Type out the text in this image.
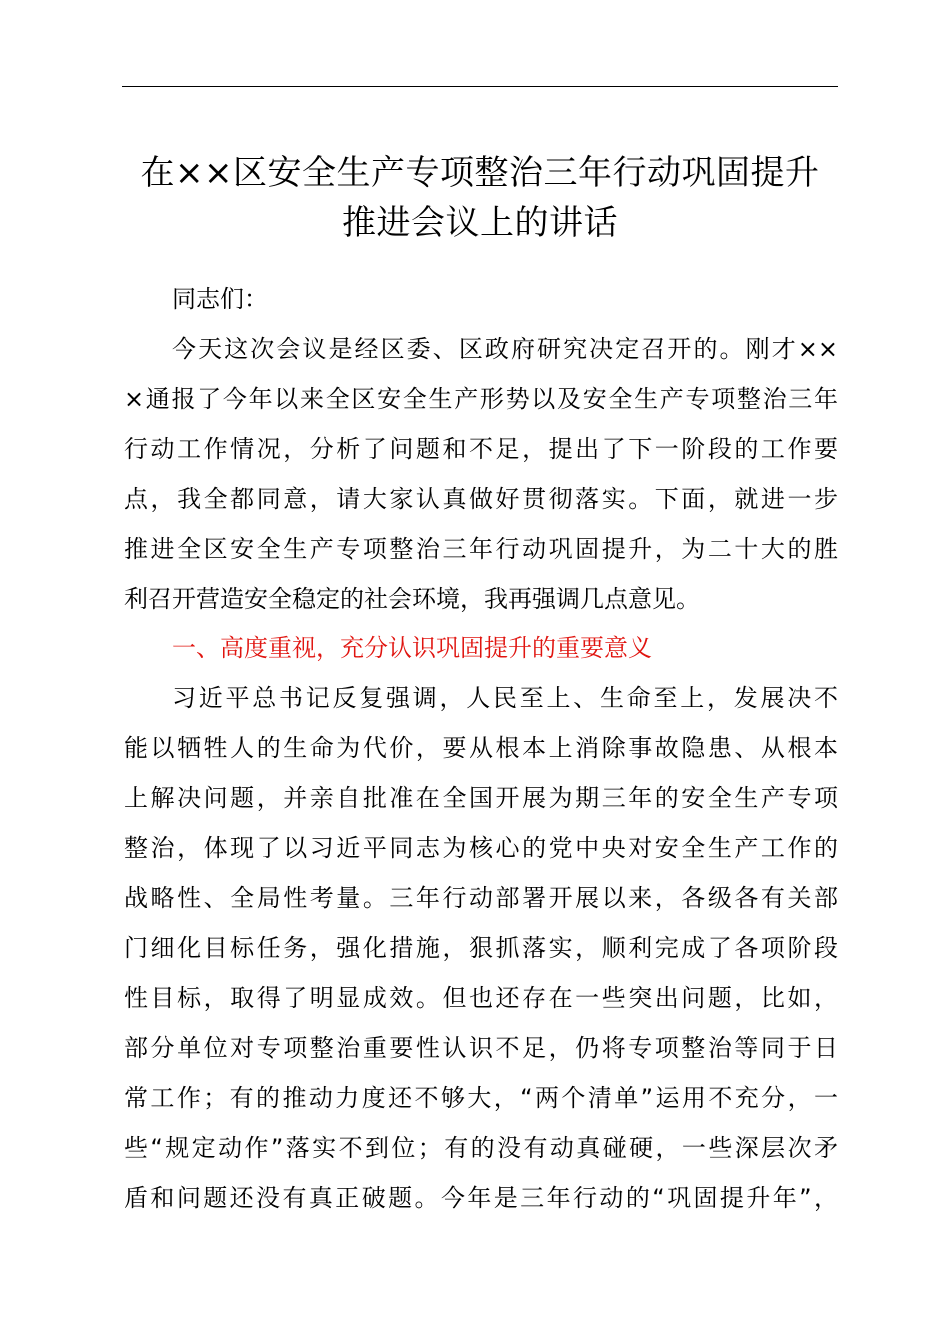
在××区安全生产专项整治三年行动巩固提升
推进会议上的讲话

同志们：

今天这次会议是经区委、区政府研究决定召开的。刚才××
×通报了今年以来全区安全生产形势以及安全生产专项整治三年
行动工作情况，分析了问题和不足，提出了下一阶段的工作要
点，我全都同意，请大家认真做好贯彻落实。下面，就进一步
推进全区安全生产专项整治三年行动巩固提升，为二十大的胜
利召开营造安全稳定的社会环境，我再强调几点意见。
一、高度重视，充分认识巩固提升的重要意义
习近平总书记反复强调，人民至上、生命至上，发展决不
能以牺牲人的生命为代价，要从根本上消除事故隐患、从根本
上解决问题，并亲自批准在全国开展为期三年的安全生产专项
整治，体现了以习近平同志为核心的党中央对安全生产工作的
战略性、全局性考量。三年行动部署开展以来，各级各有关部
门细化目标任务，强化措施，狠抓落实，顺利完成了各项阶段
性目标，取得了明显成效。但也还存在一些突出问题，比如，
部分单位对专项整治重要性认识不足，仍将专项整治等同于日
常工作；有的推动力度还不够大，“两个清单”运用不充分，一
些“规定动作”落实不到位；有的没有动真碰硬，一些深层次矛
盾和问题还没有真正破题。今年是三年行动的“巩固提升年”，
